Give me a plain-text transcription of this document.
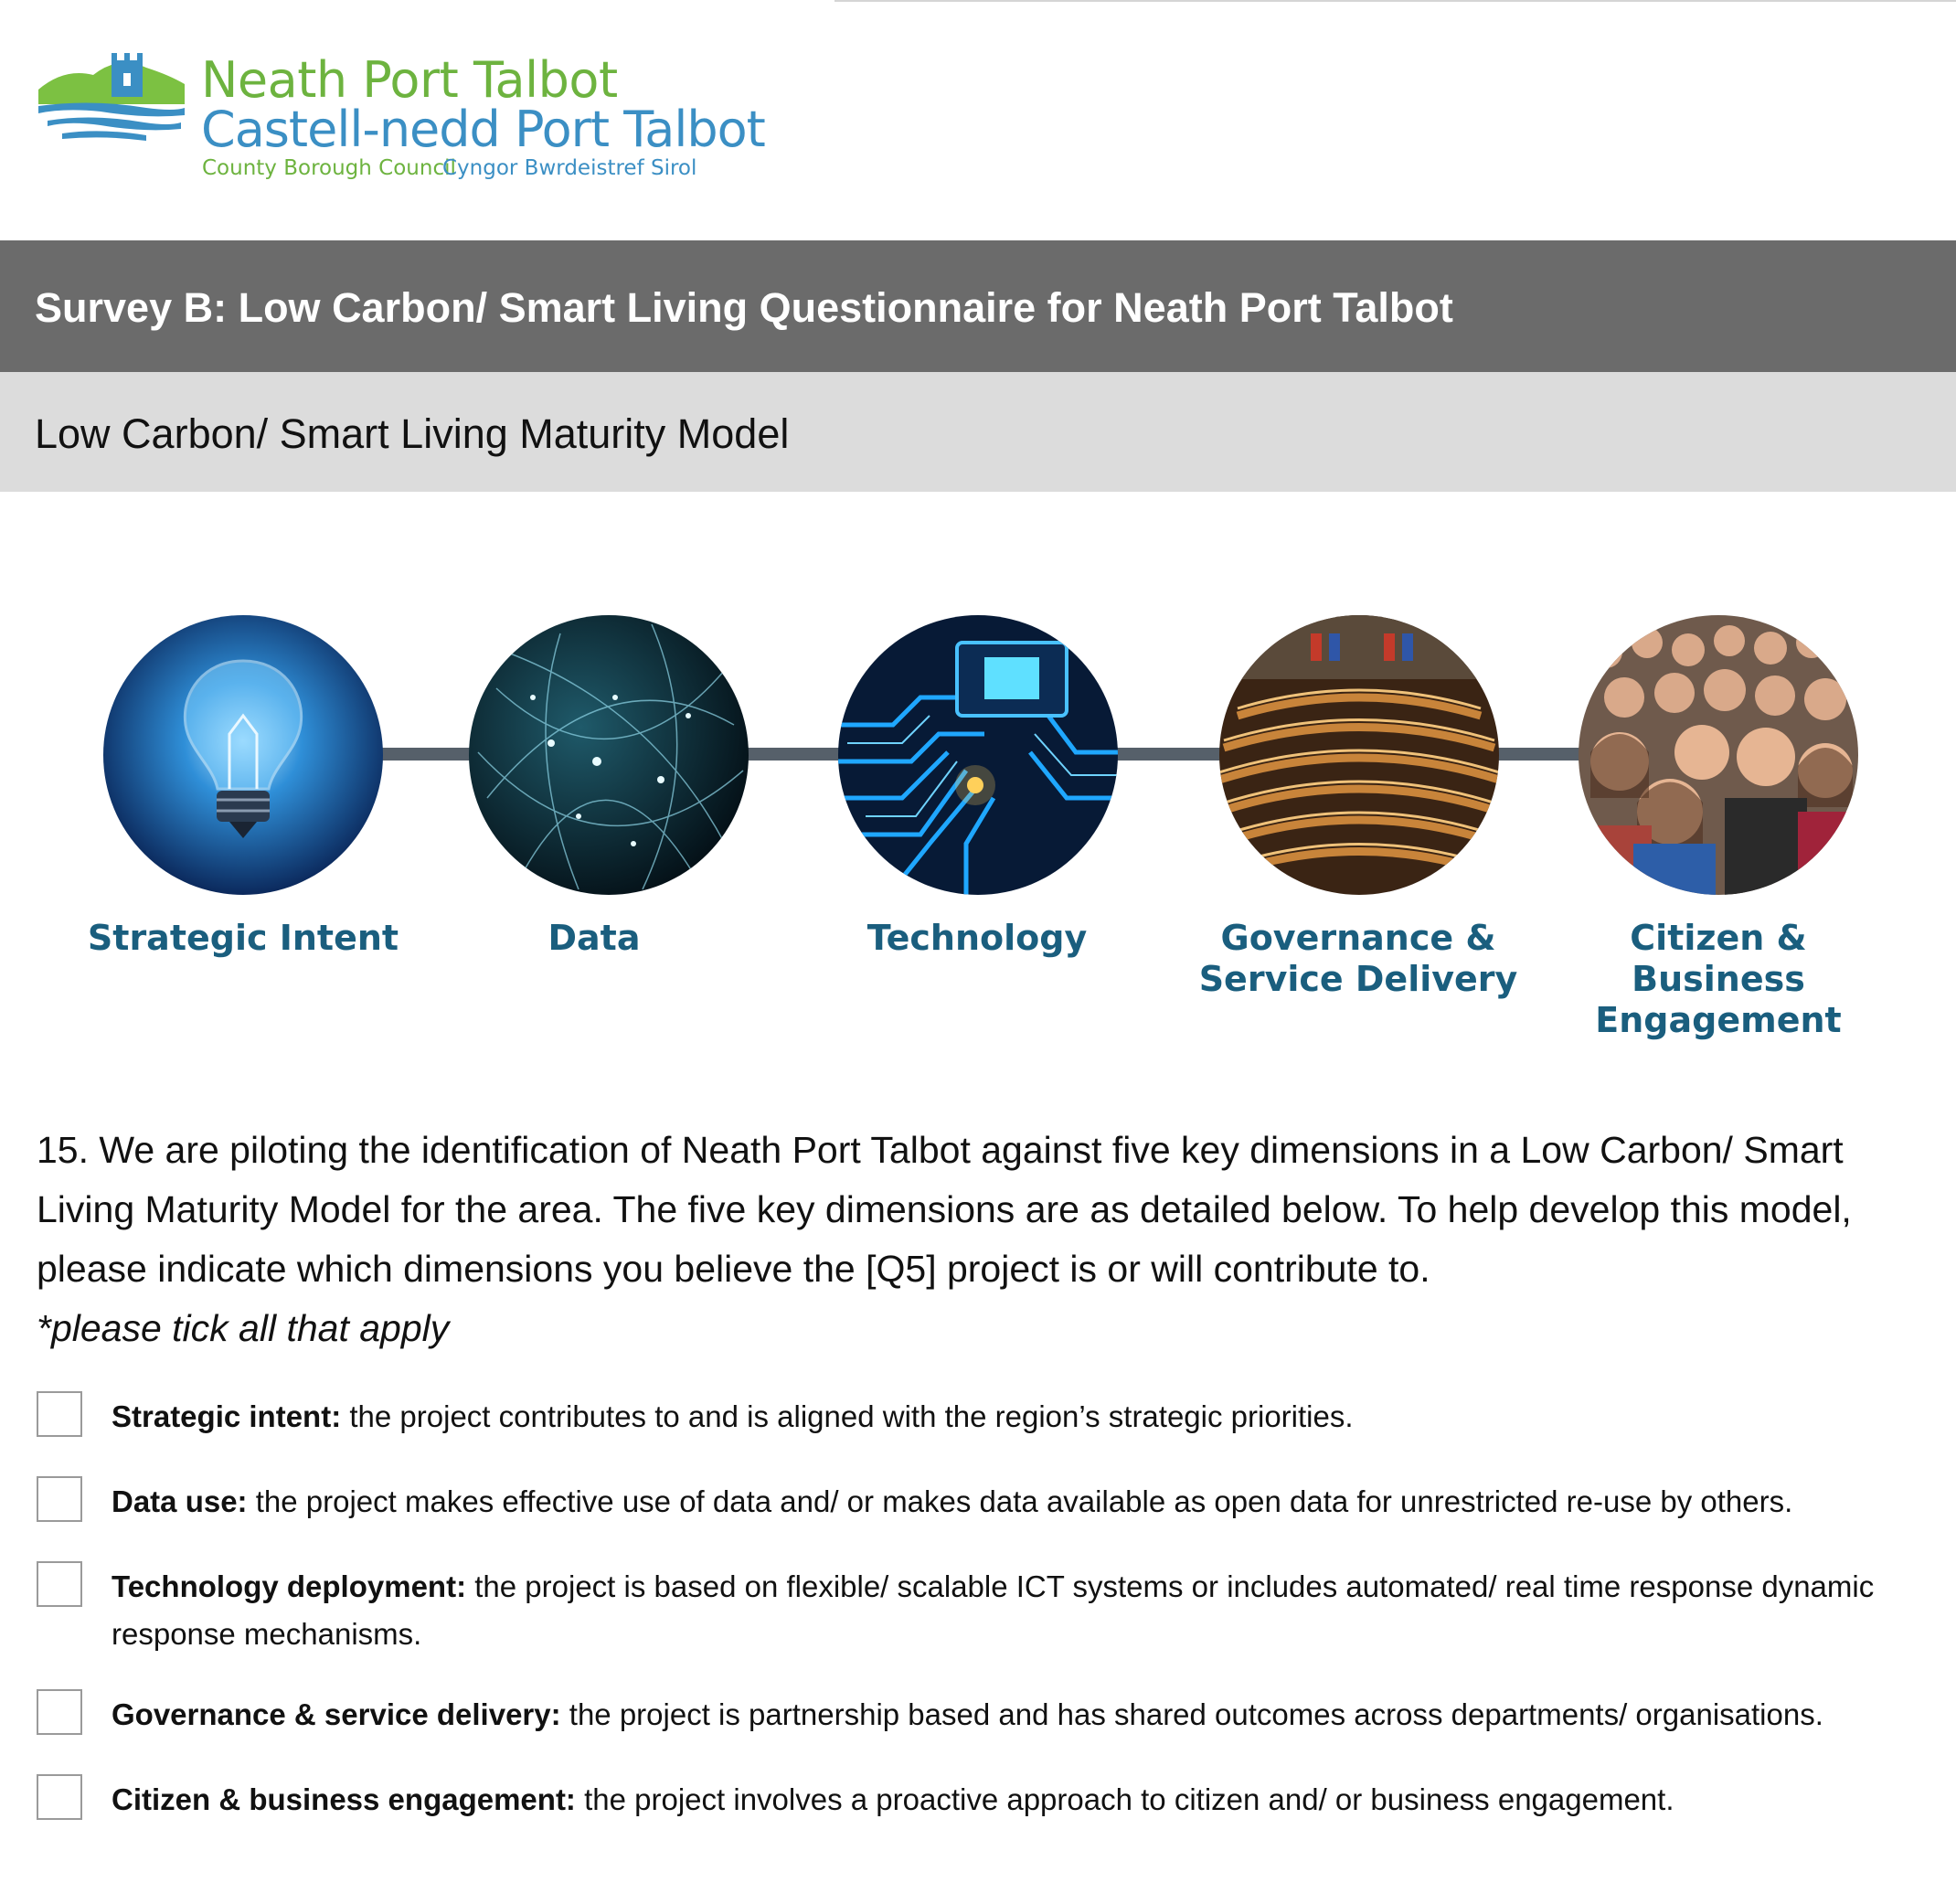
Neath Port Talbot
Castell-nedd Port Talbot
County Borough Council
Cyngor Bwrdeistref Sirol
Survey B: Low Carbon/ Smart Living Questionnaire for Neath Port Talbot
Low Carbon/ Smart Living Maturity Model
Strategic Intent	Data	Technology	Governance & Service Delivery
Citizen & Business Engagement
15. We are piloting the identification of Neath Port Talbot against five key dimensions in a Low Carbon/ Smart Living Maturity Model for the area. The five key dimensions are as detailed below. To help develop this model, please indicate which dimensions you believe the [Q5] project is or will contribute to.
*please tick all that apply
Strategic intent: the project contributes to and is aligned with the region’s strategic priorities.
Data use: the project makes effective use of data and/ or makes data available as open data for unrestricted re-use by others.
Technology deployment: the project is based on flexible/ scalable ICT systems or includes automated/ real time response dynamic response mechanisms.
Governance & service delivery: the project is partnership based and has shared outcomes across departments/ organisations.
Citizen & business engagement: the project involves a proactive approach to citizen and/ or business engagement.
